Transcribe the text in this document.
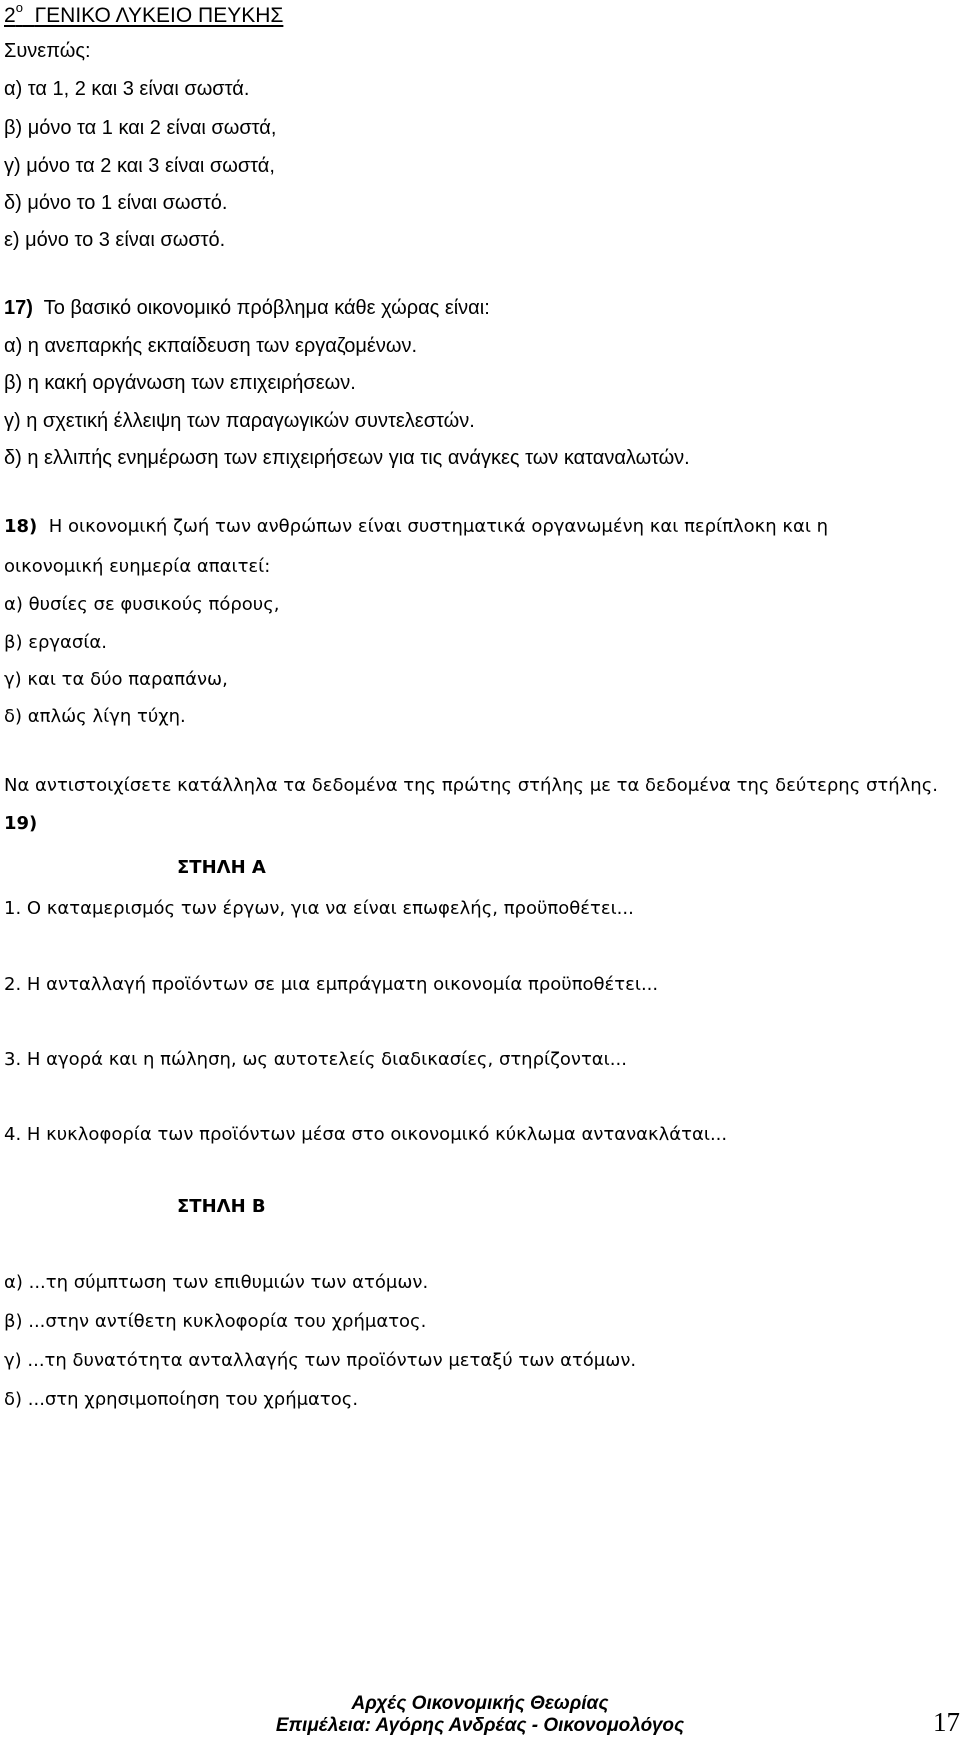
$2^o$ ΓΕΝΙΚΟ ΛΥΚΕΙΟ ΠΕΥΚΗΣ
Συνεπώς:
α) τα 1, 2 και 3 είναι σωστά.
β) μόνο τα 1 και 2 είναι σωστά,
γ) μόνο τα 2 και 3 είναι σωστά,
δ) μόνο το 1 είναι σωστό.
ε) μόνο το 3 είναι σωστό.
17) Το βασικό οικονομικό πρόβλημα κάθε χώρας είναι:
α) η ανεπαρκής εκπαίδευση των εργαζομένων.
β) η κακή οργάνωση των επιχειρήσεων.
γ) η σχετική έλλειψη των παραγωγικών συντελεστών.
δ) η ελλιπής ενημέρωση των επιχειρήσεων για τις ανάγκες των καταναλωτών.
18) Η οικονομική ζωή των ανθρώπων είναι συστηματικά οργανωμένη και περίπλοκη και η
οικονομική ευημερία απαιτεί:
α) θυσίες σε φυσικούς πόρους,
β) εργασία.
γ) και τα δύο παραπάνω,
δ) απλώς λίγη τύχη.
Να αντιστοιχίσετε κατάλληλα τα δεδομένα της πρώτης στήλης με τα δεδομένα της δεύτερης στήλης.
19)
ΣΤΗΛΗ Α
1. Ο καταμερισμός των έργων, για να είναι επωφελής, προϋποθέτει...
2. Η ανταλλαγή προϊόντων σε μια εμπράγματη οικονομία προϋποθέτει...
3. Η αγορά και η πώληση, ως αυτοτελείς διαδικασίες, στηρίζονται...
4. Η κυκλοφορία των προϊόντων μέσα στο οικονομικό κύκλωμα αντανακλάται...
ΣΤΗΛΗ Β
α) ...τη σύμπτωση των επιθυμιών των ατόμων.
β) ...στην αντίθετη κυκλοφορία του χρήματος.
γ) ...τη δυνατότητα ανταλλαγής των προϊόντων μεταξύ των ατόμων.
δ) ...στη χρησιμοποίηση του χρήματος.
Αρχές Οικονομικής Θεωρίας
Επιμέλεια: Αγόρης Ανδρέας - Οικονομολόγος	17
